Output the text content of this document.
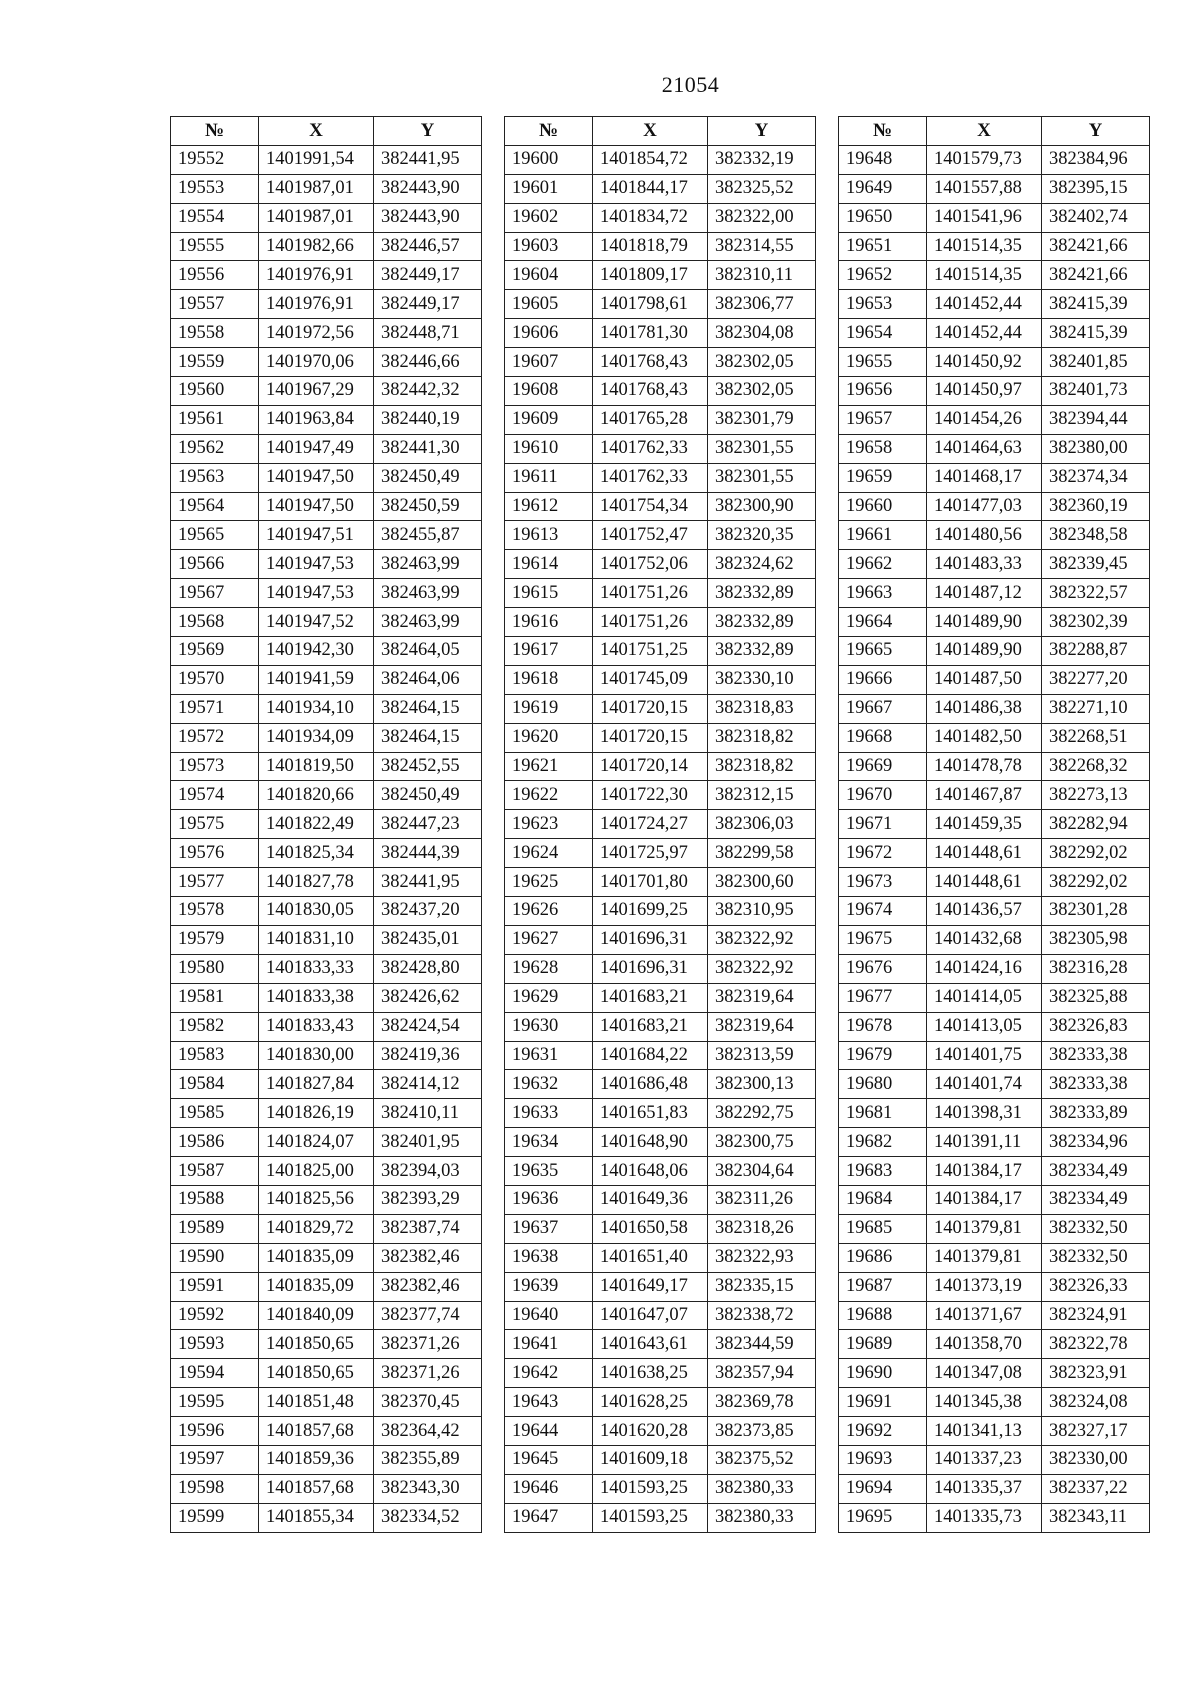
21054
№	X	Y
19552	1401991,54	382441,95
19553	1401987,01	382443,90
19554	1401987,01	382443,90
19555	1401982,66	382446,57
19556	1401976,91	382449,17
19557	1401976,91	382449,17
19558	1401972,56	382448,71
19559	1401970,06	382446,66
19560	1401967,29	382442,32
19561	1401963,84	382440,19
19562	1401947,49	382441,30
19563	1401947,50	382450,49
19564	1401947,50	382450,59
19565	1401947,51	382455,87
19566	1401947,53	382463,99
19567	1401947,53	382463,99
19568	1401947,52	382463,99
19569	1401942,30	382464,05
19570	1401941,59	382464,06
19571	1401934,10	382464,15
19572	1401934,09	382464,15
19573	1401819,50	382452,55
19574	1401820,66	382450,49
19575	1401822,49	382447,23
19576	1401825,34	382444,39
19577	1401827,78	382441,95
19578	1401830,05	382437,20
19579	1401831,10	382435,01
19580	1401833,33	382428,80
19581	1401833,38	382426,62
19582	1401833,43	382424,54
19583	1401830,00	382419,36
19584	1401827,84	382414,12
19585	1401826,19	382410,11
19586	1401824,07	382401,95
19587	1401825,00	382394,03
19588	1401825,56	382393,29
19589	1401829,72	382387,74
19590	1401835,09	382382,46
19591	1401835,09	382382,46
19592	1401840,09	382377,74
19593	1401850,65	382371,26
19594	1401850,65	382371,26
19595	1401851,48	382370,45
19596	1401857,68	382364,42
19597	1401859,36	382355,89
19598	1401857,68	382343,30
19599	1401855,34	382334,52
№	X	Y
19600	1401854,72	382332,19
19601	1401844,17	382325,52
19602	1401834,72	382322,00
19603	1401818,79	382314,55
19604	1401809,17	382310,11
19605	1401798,61	382306,77
19606	1401781,30	382304,08
19607	1401768,43	382302,05
19608	1401768,43	382302,05
19609	1401765,28	382301,79
19610	1401762,33	382301,55
19611	1401762,33	382301,55
19612	1401754,34	382300,90
19613	1401752,47	382320,35
19614	1401752,06	382324,62
19615	1401751,26	382332,89
19616	1401751,26	382332,89
19617	1401751,25	382332,89
19618	1401745,09	382330,10
19619	1401720,15	382318,83
19620	1401720,15	382318,82
19621	1401720,14	382318,82
19622	1401722,30	382312,15
19623	1401724,27	382306,03
19624	1401725,97	382299,58
19625	1401701,80	382300,60
19626	1401699,25	382310,95
19627	1401696,31	382322,92
19628	1401696,31	382322,92
19629	1401683,21	382319,64
19630	1401683,21	382319,64
19631	1401684,22	382313,59
19632	1401686,48	382300,13
19633	1401651,83	382292,75
19634	1401648,90	382300,75
19635	1401648,06	382304,64
19636	1401649,36	382311,26
19637	1401650,58	382318,26
19638	1401651,40	382322,93
19639	1401649,17	382335,15
19640	1401647,07	382338,72
19641	1401643,61	382344,59
19642	1401638,25	382357,94
19643	1401628,25	382369,78
19644	1401620,28	382373,85
19645	1401609,18	382375,52
19646	1401593,25	382380,33
19647	1401593,25	382380,33
№	X	Y
19648	1401579,73	382384,96
19649	1401557,88	382395,15
19650	1401541,96	382402,74
19651	1401514,35	382421,66
19652	1401514,35	382421,66
19653	1401452,44	382415,39
19654	1401452,44	382415,39
19655	1401450,92	382401,85
19656	1401450,97	382401,73
19657	1401454,26	382394,44
19658	1401464,63	382380,00
19659	1401468,17	382374,34
19660	1401477,03	382360,19
19661	1401480,56	382348,58
19662	1401483,33	382339,45
19663	1401487,12	382322,57
19664	1401489,90	382302,39
19665	1401489,90	382288,87
19666	1401487,50	382277,20
19667	1401486,38	382271,10
19668	1401482,50	382268,51
19669	1401478,78	382268,32
19670	1401467,87	382273,13
19671	1401459,35	382282,94
19672	1401448,61	382292,02
19673	1401448,61	382292,02
19674	1401436,57	382301,28
19675	1401432,68	382305,98
19676	1401424,16	382316,28
19677	1401414,05	382325,88
19678	1401413,05	382326,83
19679	1401401,75	382333,38
19680	1401401,74	382333,38
19681	1401398,31	382333,89
19682	1401391,11	382334,96
19683	1401384,17	382334,49
19684	1401384,17	382334,49
19685	1401379,81	382332,50
19686	1401379,81	382332,50
19687	1401373,19	382326,33
19688	1401371,67	382324,91
19689	1401358,70	382322,78
19690	1401347,08	382323,91
19691	1401345,38	382324,08
19692	1401341,13	382327,17
19693	1401337,23	382330,00
19694	1401335,37	382337,22
19695	1401335,73	382343,11
